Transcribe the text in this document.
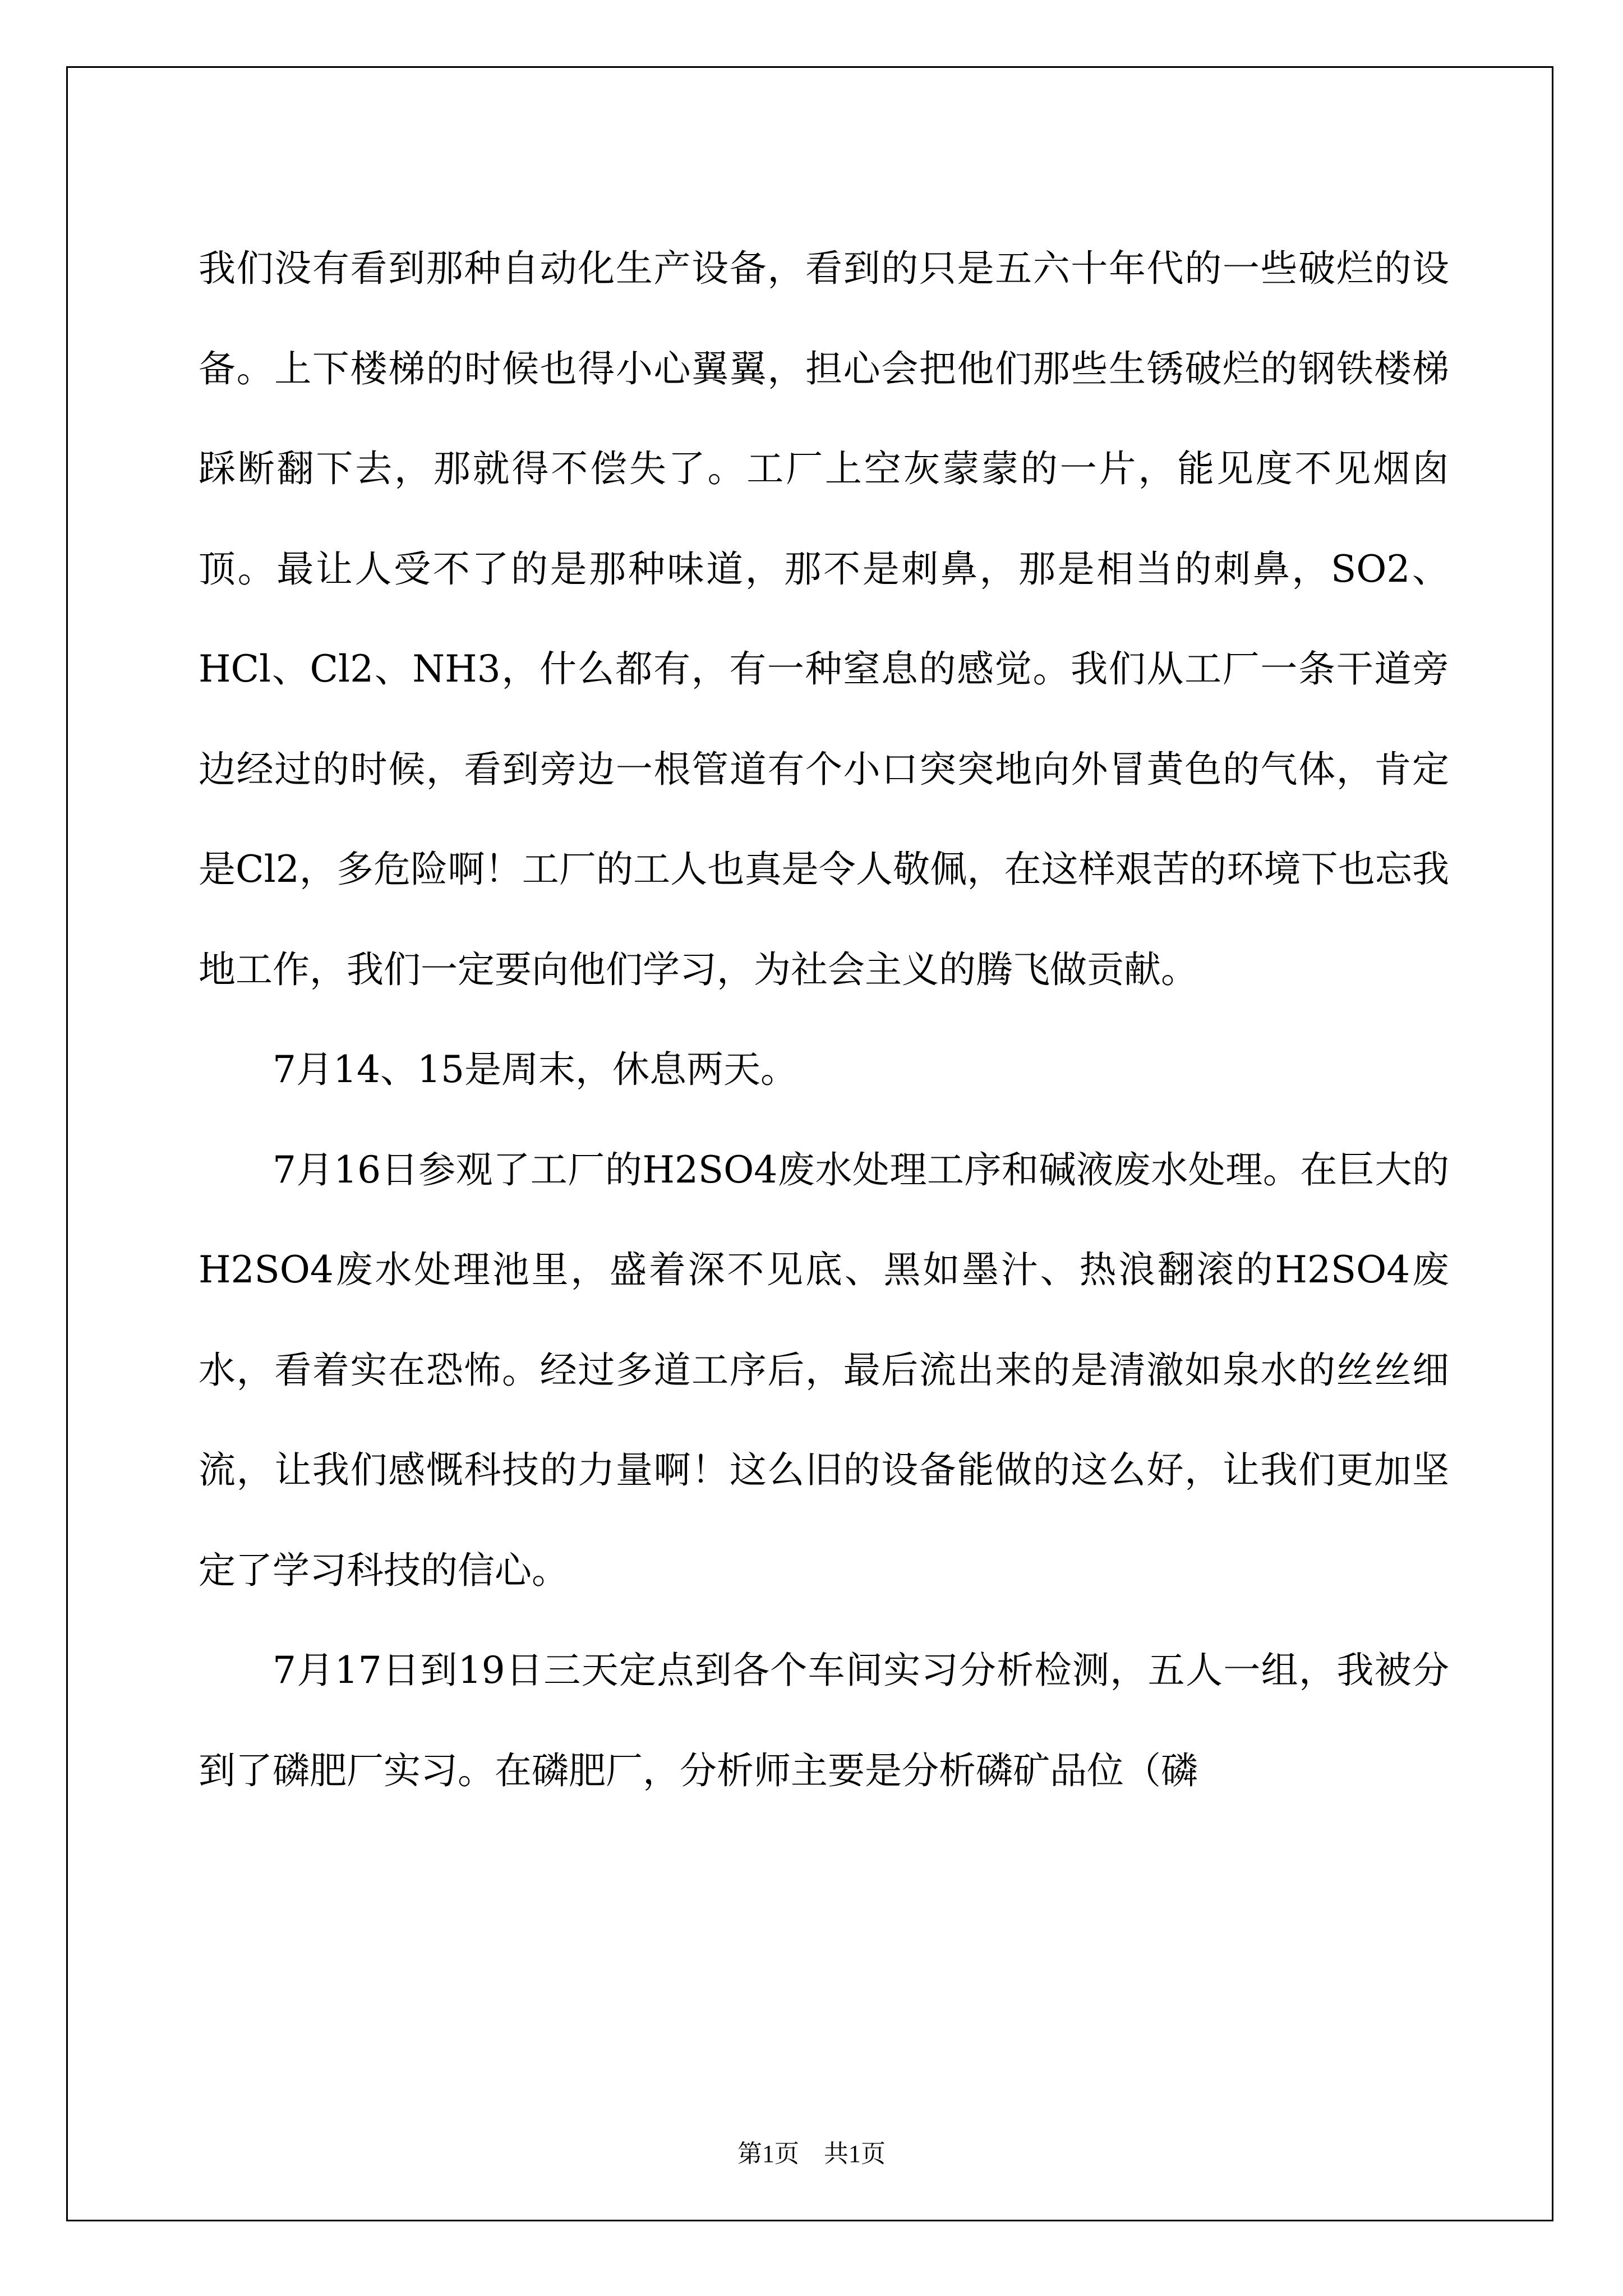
我们没有看到那种自动化生产设备，看到的只是五六十年代的一些破烂的设备。上下楼梯的时候也得小心翼翼，担心会把他们那些生锈破烂的钢铁楼梯踩断翻下去，那就得不偿失了。工厂上空灰蒙蒙的一片，能见度不见烟囱顶。最让人受不了的是那种味道，那不是刺鼻，那是相当的刺鼻，SO2、HCl、Cl2、NH3，什么都有，有一种窒息的感觉。我们从工厂一条干道旁边经过的时候，看到旁边一根管道有个小口突突地向外冒黄色的气体，肯定是Cl2，多危险啊！工厂的工人也真是令人敬佩，在这样艰苦的环境下也忘我地工作，我们一定要向他们学习，为社会主义的腾飞做贡献。

7月14、15是周末，休息两天。

7月16日参观了工厂的H2SO4废水处理工序和碱液废水处理。在巨大的H2SO4废水处理池里，盛着深不见底、黑如墨汁、热浪翻滚的H2SO4废水，看着实在恐怖。经过多道工序后，最后流出来的是清澈如泉水的丝丝细流，让我们感慨科技的力量啊！这么旧的设备能做的这么好，让我们更加坚定了学习科技的信心。

7月17日到19日三天定点到各个车间实习分析检测，五人一组，我被分到了磷肥厂实习。在磷肥厂，分析师主要是分析磷矿品位（磷

第1页 共1页
